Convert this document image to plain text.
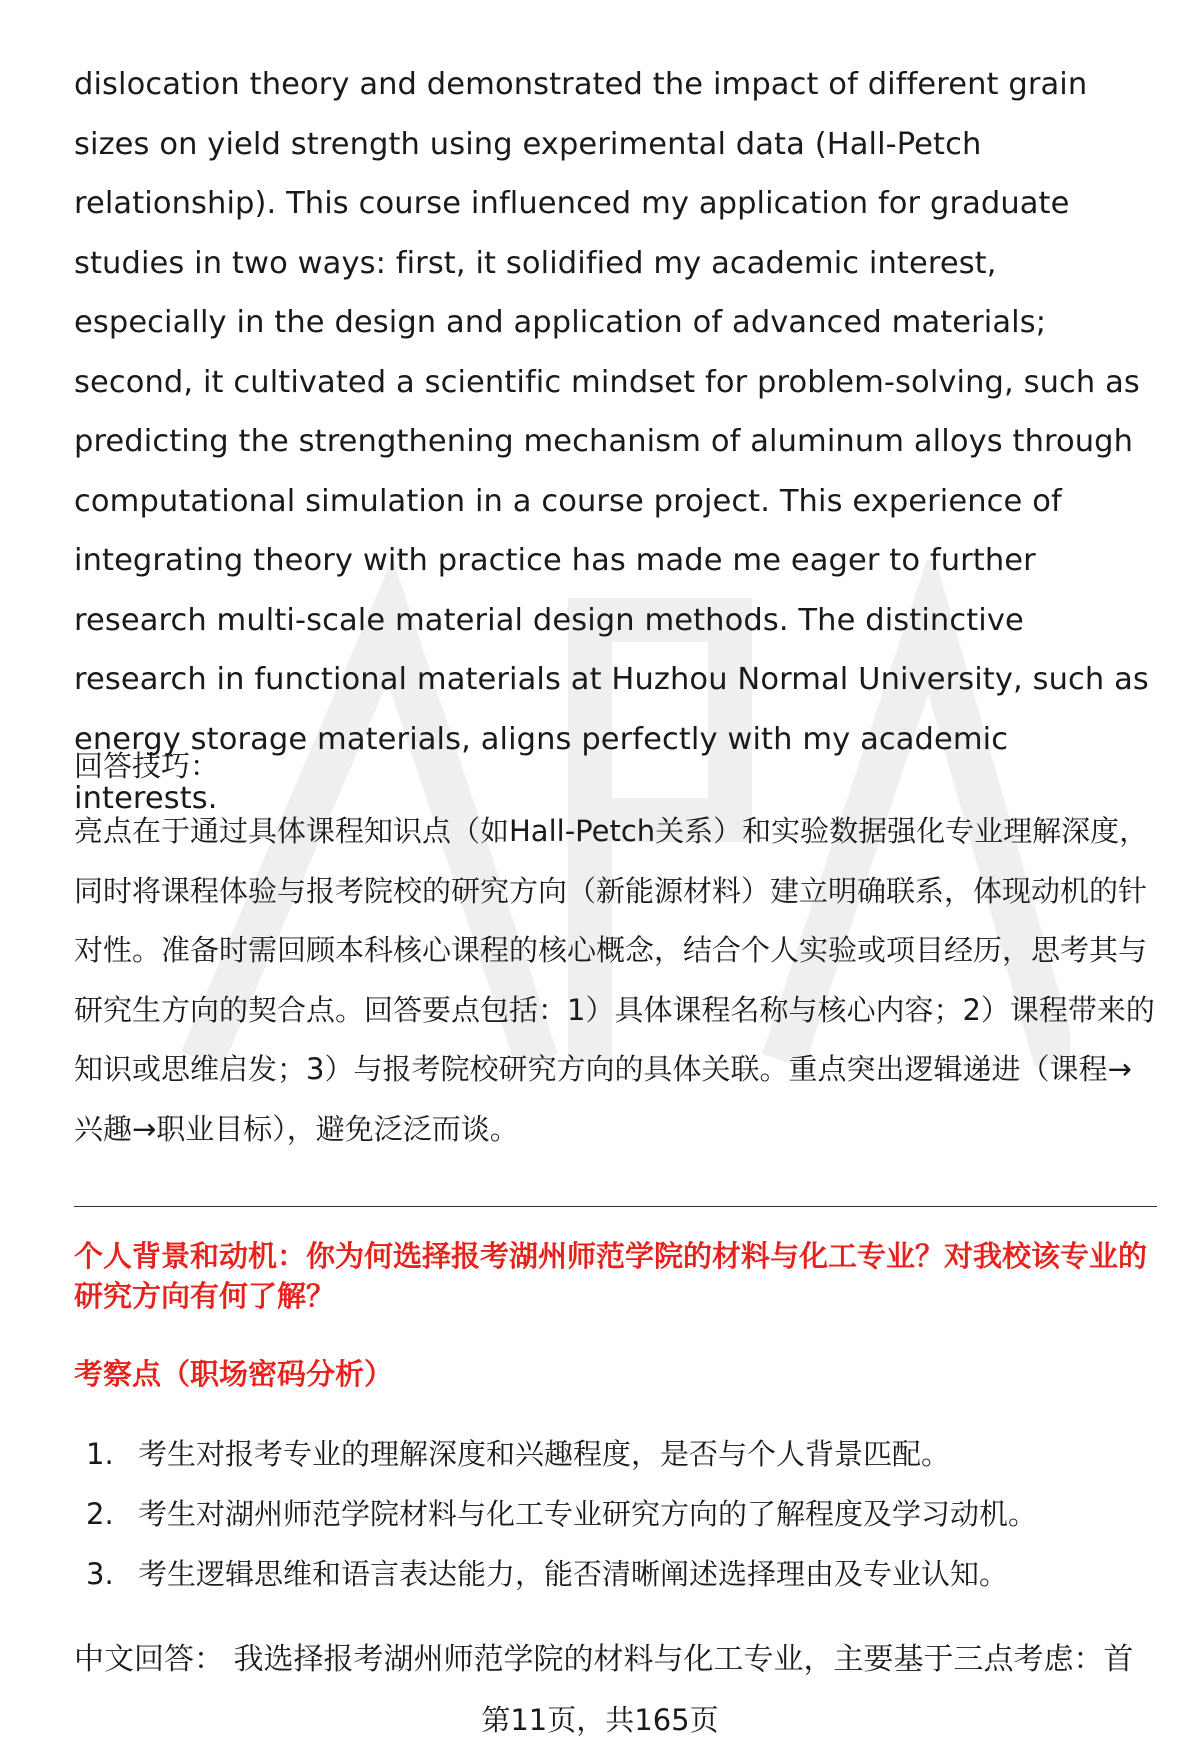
dislocation theory and demonstrated the impact of different grain sizes on yield strength using experimental data (Hall-Petch relationship). This course influenced my application for graduate studies in two ways: first, it solidified my academic interest, especially in the design and application of advanced materials; second, it cultivated a scientific mindset for problem-solving, such as predicting the strengthening mechanism of aluminum alloys through computational simulation in a course project. This experience of integrating theory with practice has made me eager to further research multi-scale material design methods. The distinctive research in functional materials at Huzhou Normal University, such as energy storage materials, aligns perfectly with my academic interests.
回答技巧：
亮点在于通过具体课程知识点（如Hall-Petch关系）和实验数据强化专业理解深度，同时将课程体验与报考院校的研究方向（新能源材料）建立明确联系，体现动机的针对性。准备时需回顾本科核心课程的核心概念，结合个人实验或项目经历，思考其与研究生方向的契合点。回答要点包括：1）具体课程名称与核心内容；2）课程带来的知识或思维启发；3）与报考院校研究方向的具体关联。重点突出逻辑递进（课程→兴趣→职业目标），避免泛泛而谈。
个人背景和动机：你为何选择报考湖州师范学院的材料与化工专业？对我校该专业的研究方向有何了解？
考察点（职场密码分析）
1. 考生对报考专业的理解深度和兴趣程度，是否与个人背景匹配。
2. 考生对湖州师范学院材料与化工专业研究方向的了解程度及学习动机。
3. 考生逻辑思维和语言表达能力，能否清晰阐述选择理由及专业认知。
中文回答： 我选择报考湖州师范学院的材料与化工专业，主要基于三点考虑：首
第11页，共165页
